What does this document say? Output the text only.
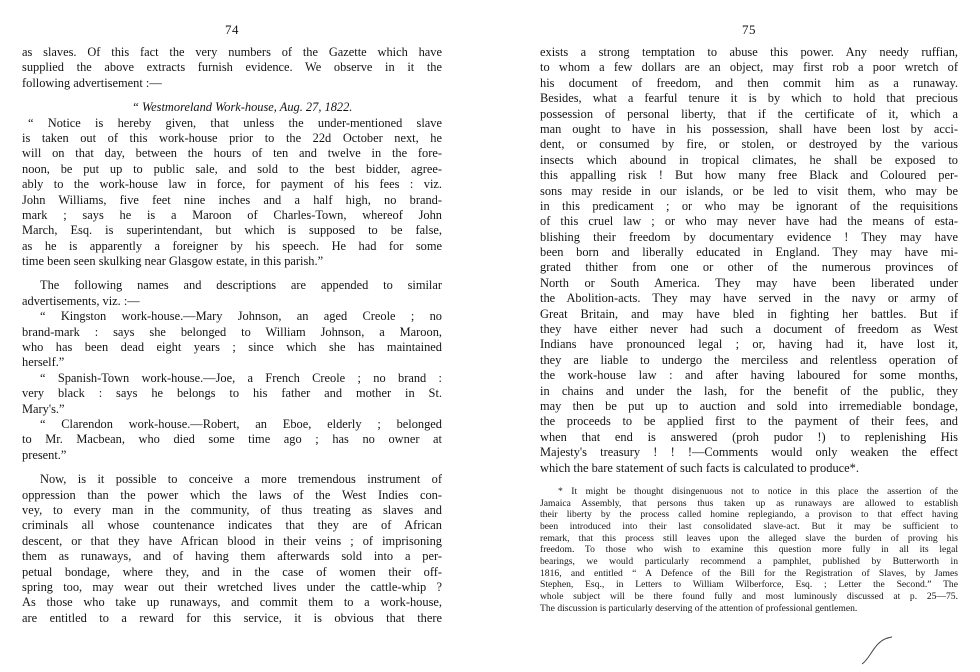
74
as slaves. Of this fact the very numbers of the Gazette which have
supplied the above extracts furnish evidence. We observe in it the
following advertisement :—
“ Westmoreland Work-house, Aug. 27, 1822.
“ Notice is hereby given, that unless the under-mentioned slave
is taken out of this work-house prior to the 22d October next, he
will on that day, between the hours of ten and twelve in the fore-
noon, be put up to public sale, and sold to the best bidder, agree-
ably to the work-house law in force, for payment of his fees : viz.
John Williams, five feet nine inches and a half high, no brand-
mark ; says he is a Maroon of Charles-Town, whereof John
March, Esq. is superintendant, but which is supposed to be false,
as he is apparently a foreigner by his speech. He had for some
time been seen skulking near Glasgow estate, in this parish.”
The following names and descriptions are appended to similar
advertisements, viz. :—
“ Kingston work-house.—Mary Johnson, an aged Creole ; no
brand-mark : says she belonged to William Johnson, a Maroon,
who has been dead eight years ; since which she has maintained
herself.”
“ Spanish-Town work-house.—Joe, a French Creole ; no brand :
very black : says he belongs to his father and mother in St.
Mary's.”
“ Clarendon work-house.—Robert, an Eboe, elderly ; belonged
to Mr. Macbean, who died some time ago ; has no owner at
present.”
Now, is it possible to conceive a more tremendous instrument of
oppression than the power which the laws of the West Indies con-
vey, to every man in the community, of thus treating as slaves and
criminals all whose countenance indicates that they are of African
descent, or that they have African blood in their veins ; of imprisoning
them as runaways, and of having them afterwards sold into a per-
petual bondage, where they, and in the case of women their off-
spring too, may wear out their wretched lives under the cattle-whip ?
As those who take up runaways, and commit them to a work-house,
are entitled to a reward for this service, it is obvious that there
75
exists a strong temptation to abuse this power. Any needy ruffian,
to whom a few dollars are an object, may first rob a poor wretch of
his document of freedom, and then commit him as a runaway.
Besides, what a fearful tenure it is by which to hold that precious
possession of personal liberty, that if the certificate of it, which a
man ought to have in his possession, shall have been lost by acci-
dent, or consumed by fire, or stolen, or destroyed by the various
insects which abound in tropical climates, he shall be exposed to
this appalling risk ! But how many free Black and Coloured per-
sons may reside in our islands, or be led to visit them, who may be
in this predicament ; or who may be ignorant of the requisitions
of this cruel law ; or who may never have had the means of esta-
blishing their freedom by documentary evidence ! They may have
been born and liberally educated in England. They may have mi-
grated thither from one or other of the numerous provinces of
North or South America. They may have been liberated under
the Abolition-acts. They may have served in the navy or army of
Great Britain, and may have bled in fighting her battles. But if
they have either never had such a document of freedom as West
Indians have pronounced legal ; or, having had it, have lost it,
they are liable to undergo the merciless and relentless operation of
the work-house law : and after having laboured for some months,
in chains and under the lash, for the benefit of the public, they
may then be put up to auction and sold into irremediable bondage,
the proceeds to be applied first to the payment of their fees, and
when that end is answered (proh pudor !) to replenishing His
Majesty's treasury ! ! !—Comments would only weaken the effect
which the bare statement of such facts is calculated to produce*.
* It might be thought disingenuous not to notice in this place the assertion of the
Jamaica Assembly, that persons thus taken up as runaways are allowed to establish
their liberty by the process called homine replegiando, a provison to that effect having
been introduced into their last consolidated slave-act. But it may be sufficient to
remark, that this process still leaves upon the alleged slave the burden of proving his
freedom. To those who wish to examine this question more fully in all its legal
bearings, we would particularly recommend a pamphlet, published by Butterworth in
1816, and entitled “ A Defence of the Bill for the Registration of Slaves, by James
Stephen, Esq., in Letters to William Wilberforce, Esq. ; Letter the Second.” The
whole subject will be there found fully and most luminously discussed at p. 25—75.
The discussion is particularly deserving of the attention of professional gentlemen.
